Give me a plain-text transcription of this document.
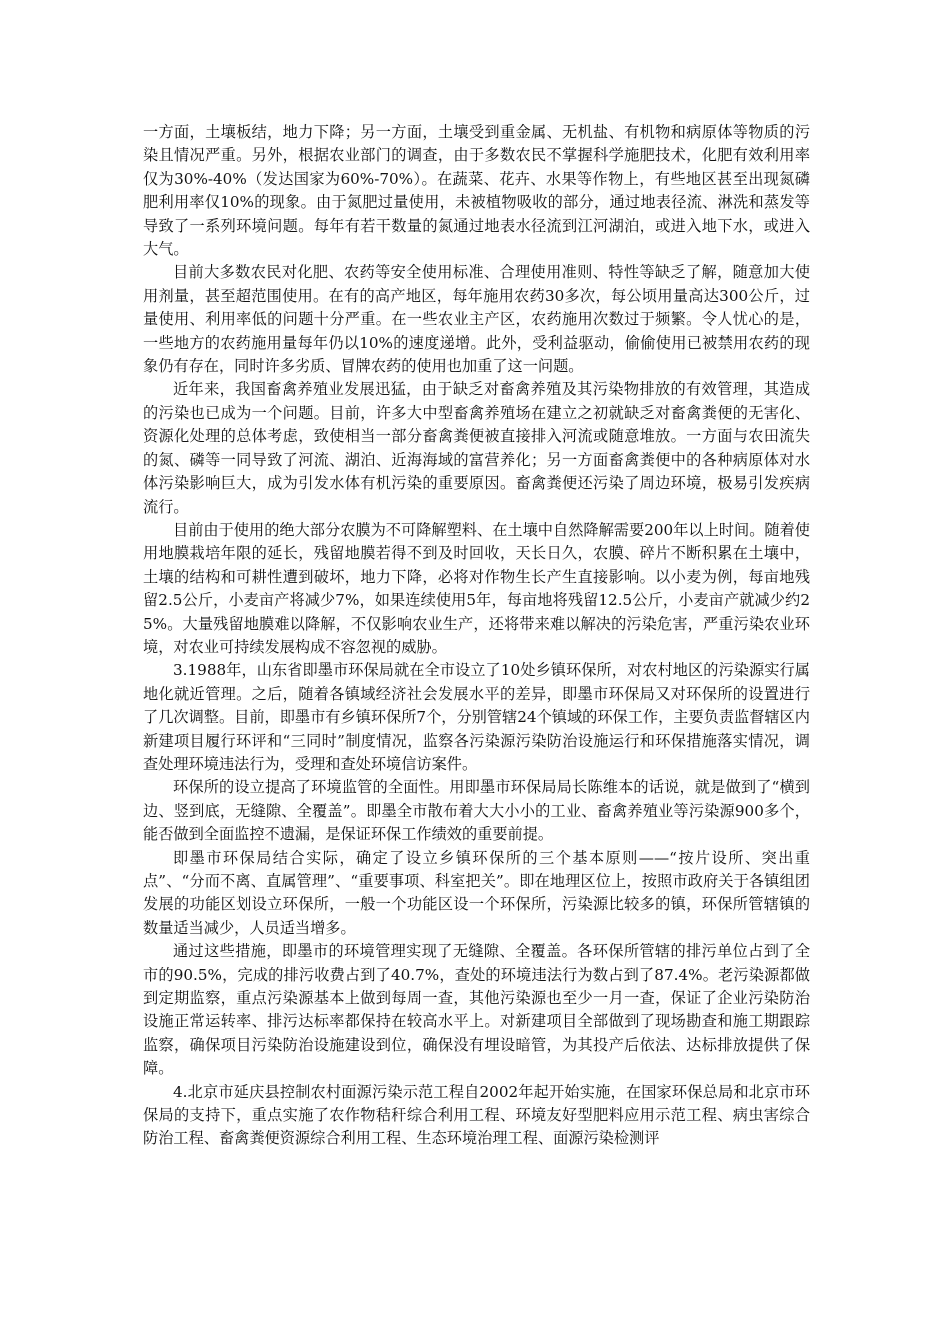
一方面，土壤板结，地力下降；另一方面，土壤受到重金属、无机盐、有机物和病原体等物质的污染且情况严重。另外，根据农业部门的调查，由于多数农民不掌握科学施肥技术，化肥有效利用率仅为30%-40%（发达国家为60%-70%）。在蔬菜、花卉、水果等作物上，有些地区甚至出现氮磷肥利用率仅10%的现象。由于氮肥过量使用，未被植物吸收的部分，通过地表径流、淋洗和蒸发等导致了一系列环境问题。每年有若干数量的氮通过地表水径流到江河湖泊，或进入地下水，或进入大气。

目前大多数农民对化肥、农药等安全使用标准、合理使用准则、特性等缺乏了解，随意加大使用剂量，甚至超范围使用。在有的高产地区，每年施用农药30多次，每公顷用量高达300公斤，过量使用、利用率低的问题十分严重。在一些农业主产区，农药施用次数过于频繁。令人忧心的是，一些地方的农药施用量每年仍以10%的速度递增。此外，受利益驱动，偷偷使用已被禁用农药的现象仍有存在，同时许多劣质、冒牌农药的使用也加重了这一问题。

近年来，我国畜禽养殖业发展迅猛，由于缺乏对畜禽养殖及其污染物排放的有效管理，其造成的污染也已成为一个问题。目前，许多大中型畜禽养殖场在建立之初就缺乏对畜禽粪便的无害化、资源化处理的总体考虑，致使相当一部分畜禽粪便被直接排入河流或随意堆放。一方面与农田流失的氮、磷等一同导致了河流、湖泊、近海海域的富营养化；另一方面畜禽粪便中的各种病原体对水体污染影响巨大，成为引发水体有机污染的重要原因。畜禽粪便还污染了周边环境，极易引发疾病流行。

目前由于使用的绝大部分农膜为不可降解塑料、在土壤中自然降解需要200年以上时间。随着使用地膜栽培年限的延长，残留地膜若得不到及时回收，天长日久，农膜、碎片不断积累在土壤中，土壤的结构和可耕性遭到破坏，地力下降，必将对作物生长产生直接影响。以小麦为例，每亩地残留2.5公斤，小麦亩产将减少7%，如果连续使用5年，每亩地将残留12.5公斤，小麦亩产就减少约25%。大量残留地膜难以降解，不仅影响农业生产，还将带来难以解决的污染危害，严重污染农业环境，对农业可持续发展构成不容忽视的威胁。

3.1988年，山东省即墨市环保局就在全市设立了10处乡镇环保所，对农村地区的污染源实行属地化就近管理。之后，随着各镇域经济社会发展水平的差异，即墨市环保局又对环保所的设置进行了几次调整。目前，即墨市有乡镇环保所7个，分别管辖24个镇域的环保工作，主要负责监督辖区内新建项目履行环评和“三同时”制度情况，监察各污染源污染防治设施运行和环保措施落实情况，调查处理环境违法行为，受理和查处环境信访案件。

环保所的设立提高了环境监管的全面性。用即墨市环保局局长陈维本的话说，就是做到了“横到边、竖到底，无缝隙、全覆盖”。即墨全市散布着大大小小的工业、畜禽养殖业等污染源900多个，能否做到全面监控不遗漏，是保证环保工作绩效的重要前提。

即墨市环保局结合实际，确定了设立乡镇环保所的三个基本原则——“按片设所、突出重点”、“分而不离、直属管理”、“重要事项、科室把关”。即在地理区位上，按照市政府关于各镇组团发展的功能区划设立环保所，一般一个功能区设一个环保所，污染源比较多的镇，环保所管辖镇的数量适当减少，人员适当增多。

通过这些措施，即墨市的环境管理实现了无缝隙、全覆盖。各环保所管辖的排污单位占到了全市的90.5%，完成的排污收费占到了40.7%，查处的环境违法行为数占到了87.4%。老污染源都做到定期监察，重点污染源基本上做到每周一查，其他污染源也至少一月一查，保证了企业污染防治设施正常运转率、排污达标率都保持在较高水平上。对新建项目全部做到了现场勘查和施工期跟踪监察，确保项目污染防治设施建设到位，确保没有埋设暗管，为其投产后依法、达标排放提供了保障。

4.北京市延庆县控制农村面源污染示范工程自2002年起开始实施，在国家环保总局和北京市环保局的支持下，重点实施了农作物秸秆综合利用工程、环境友好型肥料应用示范工程、病虫害综合防治工程、畜禽粪便资源综合利用工程、生态环境治理工程、面源污染检测评
